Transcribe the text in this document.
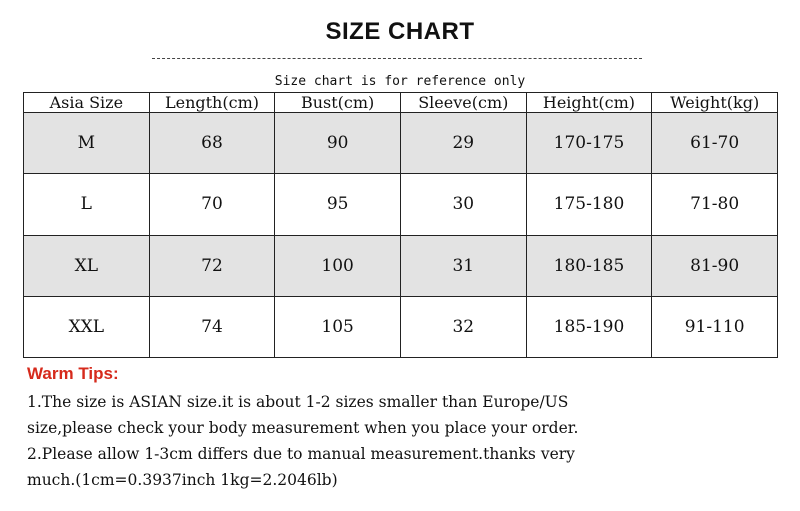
SIZE CHART
Size chart is for reference only
Asia Size	Length(cm)	Bust(cm)	Sleeve(cm)	Height(cm)	Weight(kg)
M	68	90	29	170-175	61-70
L	70	95	30	175-180	71-80
XL	72	100	31	180-185	81-90
XXL	74	105	32	185-190	91-110
Warm Tips:
1.The size is ASIAN size.it is about 1-2 sizes smaller than Europe/US
size,please check your body measurement when you place your order.
2.Please allow 1-3cm differs due to manual measurement.thanks very
much.(1cm=0.3937inch 1kg=2.2046lb)
